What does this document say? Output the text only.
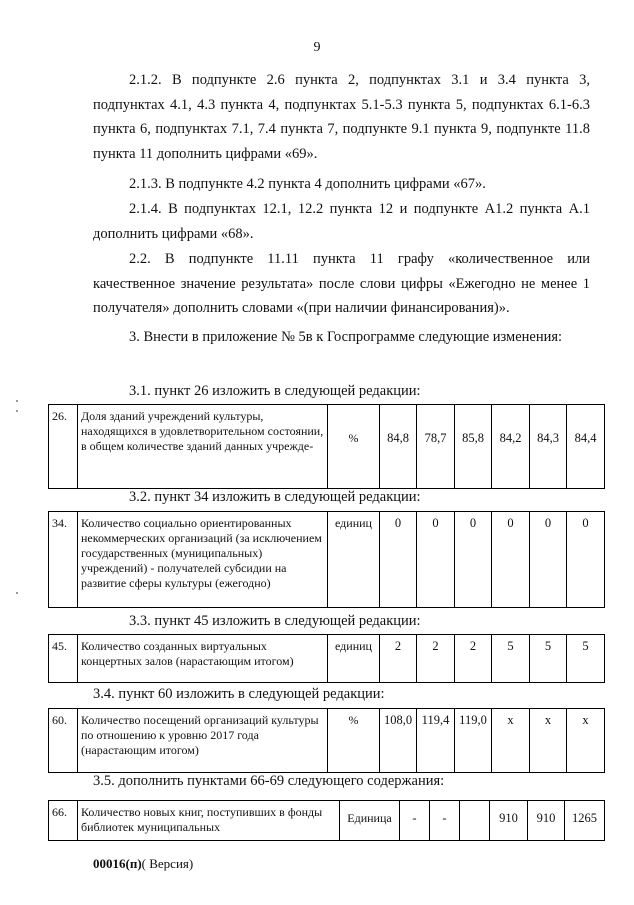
9
2.1.2. В подпункте 2.6 пункта 2, подпунктах 3.1 и 3.4 пункта 3, подпунктах 4.1, 4.3 пункта 4, подпунктах 5.1-5.3 пункта 5, подпунктах 6.1-6.3 пункта 6, подпунктах 7.1, 7.4 пункта 7, подпункте 9.1 пункта 9, подпункте 11.8 пункта 11 дополнить цифрами «69».
2.1.3. В подпункте 4.2 пункта 4 дополнить цифрами «67».
2.1.4. В подпунктах 12.1, 12.2 пункта 12 и подпункте А1.2 пункта А.1 дополнить цифрами «68».
2.2. В подпункте 11.11 пункта 11 графу «количественное или качественное значение результата» после слови цифры «Ежегодно не менее 1 получателя» дополнить словами «(при наличии финансирования)».
3. Внести в приложение № 5в к Госпрограмме следующие изменения:
3.1. пункт 26 изложить в следующей редакции:
26.	Доля зданий учреждений культуры, находящихся в удовлетворительном состоянии, в общем количестве зданий данных учрежде-	%	84,8	78,7	85,8	84,2	84,3	84,4
3.2. пункт 34 изложить в следующей редакции:
34.	Количество социально ориентированных некоммерческих организаций (за исключением государственных (муниципальных) учреждений) - получателей субсидии на развитие сферы культуры (ежегодно)	единиц	0	0	0	0	0	0
3.3. пункт 45 изложить в следующей редакции:
45.	Количество созданных виртуальных концертных залов (нарастающим итогом)	единиц	2	2	2	5	5	5
3.4. пункт 60 изложить в следующей редакции:
60.	Количество посещений организаций культуры по отношению к уровню 2017 года (нарастающим итогом)	%	108,0	119,4	119,0	x	x	x
3.5. дополнить пунктами 66-69 следующего содержания:
66.	Количество новых книг, поступивших в фонды библиотек муниципальных	Единица	-	-		910	910	1265
00016(п)( Версия)
